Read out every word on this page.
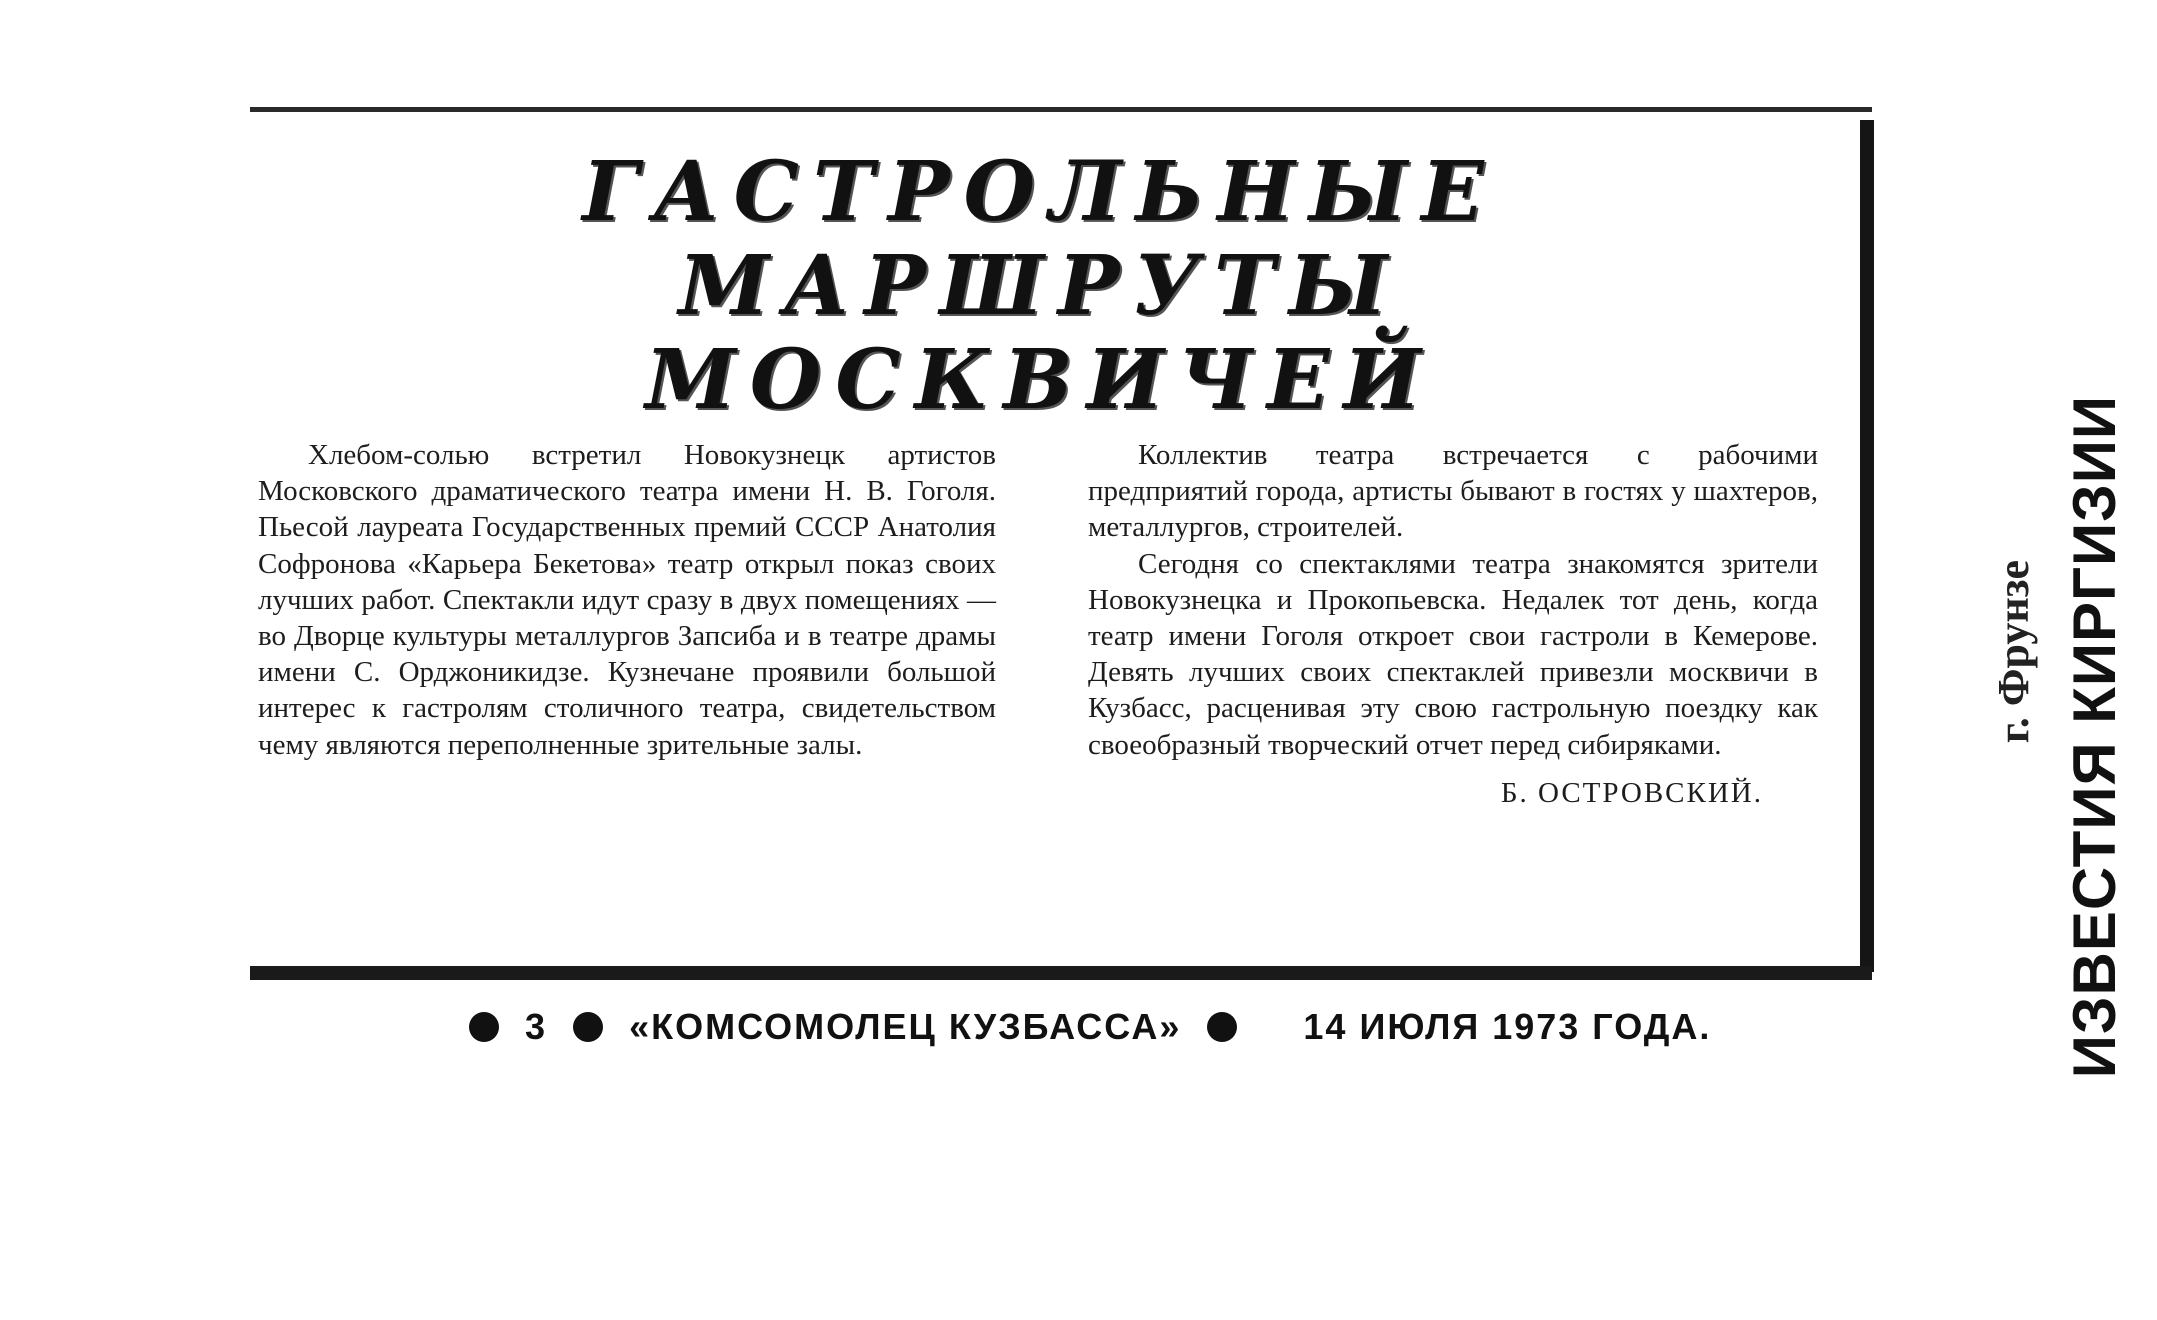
ГАСТРОЛЬНЫЕ
МАРШРУТЫ
МОСКВИЧЕЙ

Хлебом-солью встретил Новокузнецк артистов Московского драматического театра имени Н. В. Гоголя. Пьесой лауреата Государственных премий СССР Анатолия Софронова «Карьера Бекетова» театр открыл показ своих лучших работ. Спектакли идут сразу в двух помещениях — во Дворце культуры металлургов Запсиба и в театре драмы имени С. Орджоникидзе. Кузнечане проявили большой интерес к гастролям столичного театра, свидетельством чему являются переполненные зрительные залы.

Коллектив театра встречается с рабочими предприятий города, артисты бывают в гостях у шахтеров, металлургов, строителей.

Сегодня со спектаклями театра знакомятся зрители Новокузнецка и Прокопьевска. Недалек тот день, когда театр имени Гоголя откроет свои гастроли в Кемерове. Девять лучших своих спектаклей привезли москвичи в Кузбасс, расценивая эту свою гастрольную поездку как своеобразный творческий отчет перед сибиряками.

Б. ОСТРОВСКИЙ.
3 «КОМСОМОЛЕЦ КУЗБАССА»	14 ИЮЛЯ 1973 ГОДА.	ИЗВЕСТИЯ КИРГИЗИИ
г. Фрунзе
